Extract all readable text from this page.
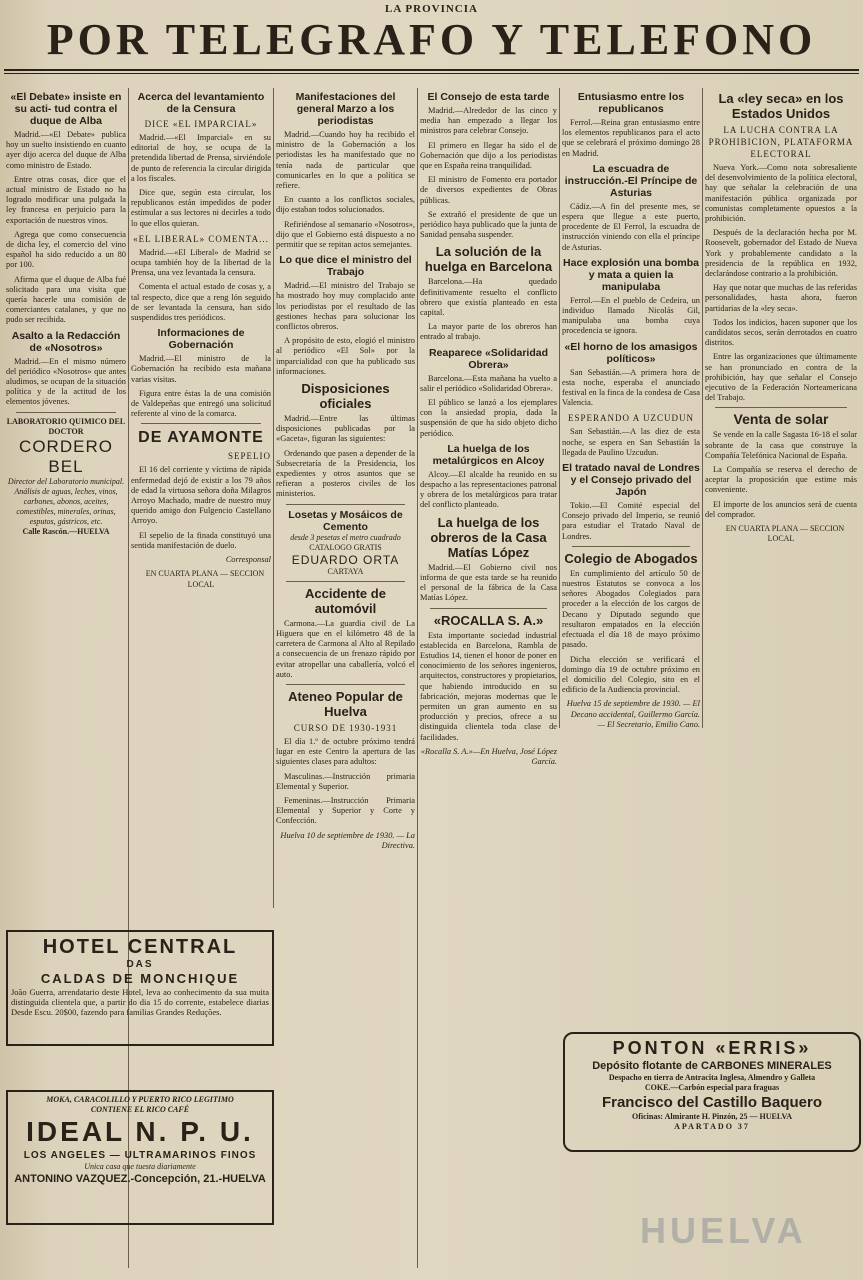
LA PROVINCIA
POR TELEGRAFO Y TELEFONO
«El Debate» insiste en su acti- tud contra el duque de Alba

Madrid.—«El Debate» publica hoy un suelto insistiendo en cuanto ayer dijo acerca del duque de Alba como ministro de Estado.

Entre otras cosas, dice que el actual ministro de Estado no ha logrado modificar una pulgada la ley francesa en perjuicio para la exportación de nuestros vinos.

Agrega que como consecuencia de dicha ley, el comercio del vino español ha sido reducido a un 80 por 100.

Afirma que el duque de Alba fué solicitado para una visita que quería hacerle una comisión de comerciantes catalanes, y que no pudo ser recibida.

Asalto a la Redacción de «Nosotros»

Madrid.—En el mismo número del periódico «Nosotros» que antes aludimos, se ocupan de la situación política y de la actitud de los elementos jóvenes.

LABORATORIO QUIMICO DEL DOCTOR
CORDERO BEL
Director del Laboratorio municipal. Análisis de aguas, leches, vinos, carbones, abonos, aceites, comestibles, minerales, orinas, esputos, gástricos, etc.
Calle Rascón.—HUELVA
Acerca del levantamiento de la Censura
DICE «EL IMPARCIAL»

Madrid.—«El Imparcial» en su editorial de hoy, se ocupa de la pretendida libertad de Prensa, sirviéndole de punto de referencia la circular dirigida a los fiscales.

Dice que, según esta circular, los republicanos están impedidos de poder estimular a sus lectores ni decirles a todo lo que ellos quieran.

«EL LIBERAL» COMENTA...

Madrid.—«El Liberal» de Madrid se ocupa también hoy de la libertad de la Prensa, una vez levantada la censura.

Comenta el actual estado de cosas y, a tal respecto, dice que a reng lón seguido de ser levantada la censura, han sido suspendidos tres periódicos.

Informaciones de Gobernación

Madrid.—El ministro de la Gobernación ha recibido esta mañana varias visitas.

Figura entre éstas la de una comisión de Valdepeñas que entregó una solicitud referente al vino de la comarca.

DE AYAMONTE
SEPELIO

El 16 del corriente y víctima de rápida enfermedad dejó de existir a los 79 años de edad la virtuosa señora doña Milagros Arroyo Machado, madre de nuestro muy querido amigo don Fulgencio Castellano Arroyo.

El sepelio de la finada constituyó una sentida manifestación de duelo.

Corresponsal

EN CUARTA PLANA — SECCION LOCAL

Manifestaciones del general Marzo a los periodistas

Madrid.—Cuando hoy ha recibido el ministro de la Gobernación a los periodistas les ha manifestado que no tenía nada de particular que comunicarles en lo que a política se refiere.

En cuanto a los conflictos sociales, dijo estaban todos solucionados.

Refiriéndose al semanario «Nosotros», dijo que el Gobierno está dispuesto a no permitir que se repitan actos semejantes.

Lo que dice el ministro del Trabajo

Madrid.—El ministro del Trabajo se ha mostrado hoy muy complacido ante los periodistas por el resultado de las gestiones hechas para solucionar los conflictos obreros.

A propósito de esto, elogió el ministro al periódico «El Sol» por la imparcialidad con que ha publicado sus informaciones.

Disposiciones oficiales

Madrid.—Entre las últimas disposiciones publicadas por la «Gaceta», figuran las siguientes:

Ordenando que pasen a depender de la Subsecretaría de la Presidencia, los expedientes y otros asuntos que se refieran a posteros civiles de los ministerios.

Losetas y Mosáicos de Cemento
desde 3 pesetas el metro cuadrado
CATALOGO GRATIS
EDUARDO ORTA
CARTAYA
Accidente de automóvil

Carmona.—La guardia civil de La Higuera que en el kilómetro 48 de la carretera de Carmona al Alto al Repilado a consecuencia de un frenazo rápido por evitar atropellar una caballería, volcó el auto.

Ateneo Popular de Huelva
CURSO DE 1930-1931

El día 1.º de octubre próximo tendrá lugar en este Centro la apertura de las siguientes clases para adultos:

Masculinas.—Instrucción primaria Elemental y Superior.

Femeninas.—Instrucción Primaria Elemental y Superior y Corte y Confección.

Huelva 10 de septiembre de 1930. — La Directiva.

El Consejo de esta tarde

Madrid.—Alrededor de las cinco y media han empezado a llegar los ministros para celebrar Consejo.

El primero en llegar ha sido el de Gobernación que dijo a los periodistas que en España reina tranquilidad.

El ministro de Fomento era portador de diversos expedientes de Obras públicas.

Se extrañó el presidente de que un periódico haya publicado que la junta de Sanidad pensaba suspender.

La solución de la huelga en Barcelona

Barcelona.—Ha quedado definitivamente resuelto el conflicto obrero que existía planteado en esta capital.

La mayor parte de los obreros han entrado al trabajo.

Reaparece «Solidaridad Obrera»

Barcelona.—Esta mañana ha vuelto a salir el periódico «Solidaridad Obrera».

El público se lanzó a los ejemplares con la ansiedad propia, dada la suspensión de que ha sido objeto dicho periódico.

La huelga de los metalúrgicos en Alcoy

Alcoy.—El alcalde ha reunido en su despacho a las representaciones patronal y obrera de los metalúrgicos para tratar del conflicto planteado.

La huelga de los obreros de la Casa Matías López

Madrid.—El Gobierno civil nos informa de que esta tarde se ha reunido el personal de la fábrica de la Casa Matías López.

«ROCALLA S. A.»

Esta importante sociedad industrial establecida en Barcelona, Rambla de Estudios 14, tienen el honor de poner en conocimiento de los señores ingenieros, arquitectos, constructores y propietarios, que habiendo introducido en su fabricación, mejoras modernas que le permiten un gran aumento en su producción y precios, ofrece a su distinguida clientela toda clase de facilidades.

«Rocalla S. A.»—En Huelva, José López García.

Entusiasmo entre los republicanos

Ferrol.—Reina gran entusiasmo entre los elementos republicanos para el acto que se celebrará el próximo domingo 28 en Madrid.

La escuadra de instrucción.-El Príncipe de Asturias

Cádiz.—A fin del presente mes, se espera que llegue a este puerto, procedente de El Ferrol, la escuadra de instrucción viniendo con ella el príncipe de Asturias.

Hace explosión una bomba y mata a quien la manipulaba

Ferrol.—En el pueblo de Cedeira, un individuo llamado Nicolás Gil, manipulaba una bomba cuya procedencia se ignora.

«El horno de los amasigos políticos»

San Sebastián.—A primera hora de esta noche, esperaba el anunciado festival en la finca de la condesa de Casa Valencia.

ESPERANDO A UZCUDUN

San Sebastián.—A las diez de esta noche, se espera en San Sebastián la llegada de Paulino Uzcudun.

El tratado naval de Londres y el Consejo privado del Japón

Tokio.—El Comité especial del Consejo privado del Imperio, se reunió para estudiar el Tratado Naval de Londres.

Colegio de Abogados

En cumplimiento del artículo 50 de nuestros Estatutos se convoca a los señores Abogados Colegiados para proceder a la elección de los cargos de Decano y Diputado segundo que resultaron empatados en la elección efectuada el día 18 de mayo próximo pasado.

Dicha elección se verificará el domingo día 19 de octubre próximo en el domicilio del Colegio, sito en el edificio de la Audiencia provincial.

Huelva 15 de septiembre de 1930. — El Decano accidental, Guillermo García. — El Secretario, Emilio Cano.

La «ley seca» en los Estados Unidos
LA LUCHA CONTRA LA PROHIBICION, PLATAFORMA ELECTORAL

Nueva York.—Como nota sobresaliente del desenvolvimiento de la política electoral, hay que señalar la celebración de una manifestación pública organizada por comunistas completamente opuestos a la prohibición.

Después de la declaración hecha por M. Roosevelt, gobernador del Estado de Nueva York y probablemente candidato a la presidencia de la república en 1932, declarándose contrario a la prohibición.

Hay que notar que muchas de las referidas personalidades, hasta ahora, fueron partidarias de la «ley seca».

Todos los indicios, hacen suponer que los candidatos secos, serán derrotados en cuatro distritos.

Entre las organizaciones que últimamente se han pronunciado en contra de la prohibición, hay que señalar el Consejo ejecutivo de la Federación Norteamericana del Trabajo.

Venta de solar

Se vende en la calle Sagasta 16-18 el solar sobrante de la casa que construye la Compañía Telefónica Nacional de España.

La Compañía se reserva el derecho de aceptar la proposición que estime más conveniente.

El importe de los anuncios será de cuenta del comprador.

EN CUARTA PLANA — SECCION LOCAL

HOTEL CENTRAL
DAS
CALDAS DE MONCHIQUE
João Guerra, arrendatario deste Hotel, leva ao conhecimento da sua muita distinguida clientela que, a partir do dia 15 do corrente, estabelece diarias Desde Escu. 20$00, fazendo para familias Grandes Reduções.
MOKA, CARACOLILLO Y PUERTO RICO LEGITIMO
CONTIENE EL RICO CAFÉ
IDEAL N. P. U.
LOS ANGELES — ULTRAMARINOS FINOS
Unica casa que tuesta diariamente
ANTONINO VAZQUEZ.-Concepción, 21.-HUELVA
PONTON «ERRIS»
Depósito flotante de CARBONES MINERALES
Despacho en tierra de Antracita Inglesa, Almendro y Galleta
COKE.—Carbón especial para fraguas
Francisco del Castillo Baquero
Oficinas: Almirante H. Pinzón, 25 — HUELVA
APARTADO 37
HUELVA
